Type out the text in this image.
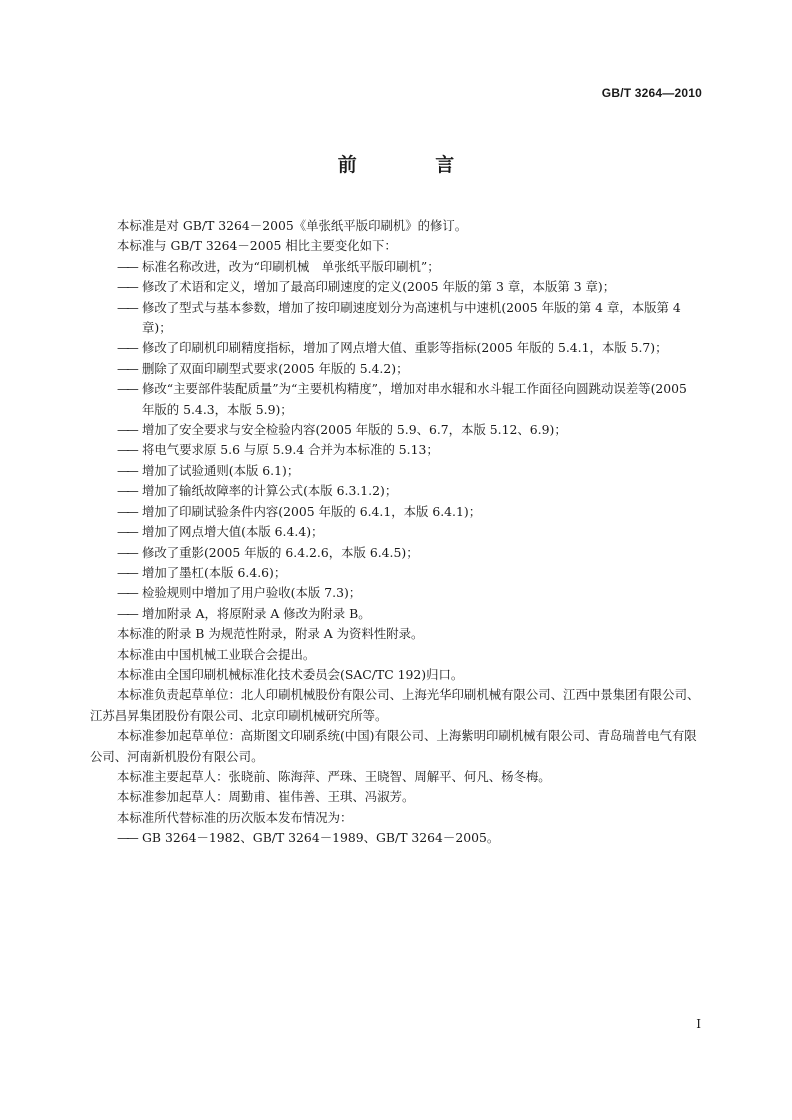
GB/T 3264—2010
前 言

本标准是对 GB/T 3264－2005《单张纸平版印刷机》的修订。

本标准与 GB/T 3264－2005 相比主要变化如下：

—— 标准名称改进，改为“印刷机械　单张纸平版印刷机”；

—— 修改了术语和定义，增加了最高印刷速度的定义(2005 年版的第 3 章，本版第 3 章)；

—— 修改了型式与基本参数，增加了按印刷速度划分为高速机与中速机(2005 年版的第 4 章，本版第 4 章)；

—— 修改了印刷机印刷精度指标，增加了网点增大值、重影等指标(2005 年版的 5.4.1，本版 5.7)；

—— 删除了双面印刷型式要求(2005 年版的 5.4.2)；

—— 修改“主要部件装配质量”为“主要机构精度”，增加对串水辊和水斗辊工作面径向圆跳动误差等(2005 年版的 5.4.3，本版 5.9)；

—— 增加了安全要求与安全检验内容(2005 年版的 5.9、6.7，本版 5.12、6.9)；

—— 将电气要求原 5.6 与原 5.9.4 合并为本标准的 5.13；

—— 增加了试验通则(本版 6.1)；

—— 增加了输纸故障率的计算公式(本版 6.3.1.2)；

—— 增加了印刷试验条件内容(2005 年版的 6.4.1，本版 6.4.1)；

—— 增加了网点增大值(本版 6.4.4)；

—— 修改了重影(2005 年版的 6.4.2.6，本版 6.4.5)；

—— 增加了墨杠(本版 6.4.6)；

—— 检验规则中增加了用户验收(本版 7.3)；

—— 增加附录 A，将原附录 A 修改为附录 B。

本标准的附录 B 为规范性附录，附录 A 为资料性附录。

本标准由中国机械工业联合会提出。

本标准由全国印刷机械标准化技术委员会(SAC/TC 192)归口。

本标准负责起草单位：北人印刷机械股份有限公司、上海光华印刷机械有限公司、江西中景集团有限公司、江苏昌昇集团股份有限公司、北京印刷机械研究所等。

本标准参加起草单位：高斯图文印刷系统(中国)有限公司、上海紫明印刷机械有限公司、青岛瑞普电气有限公司、河南新机股份有限公司。

本标准主要起草人：张晓前、陈海萍、严珠、王晓智、周解平、何凡、杨冬梅。

本标准参加起草人：周勤甫、崔伟善、王琪、冯淑芳。

本标准所代替标准的历次版本发布情况为：

—— GB 3264－1982、GB/T 3264－1989、GB/T 3264－2005。

I
